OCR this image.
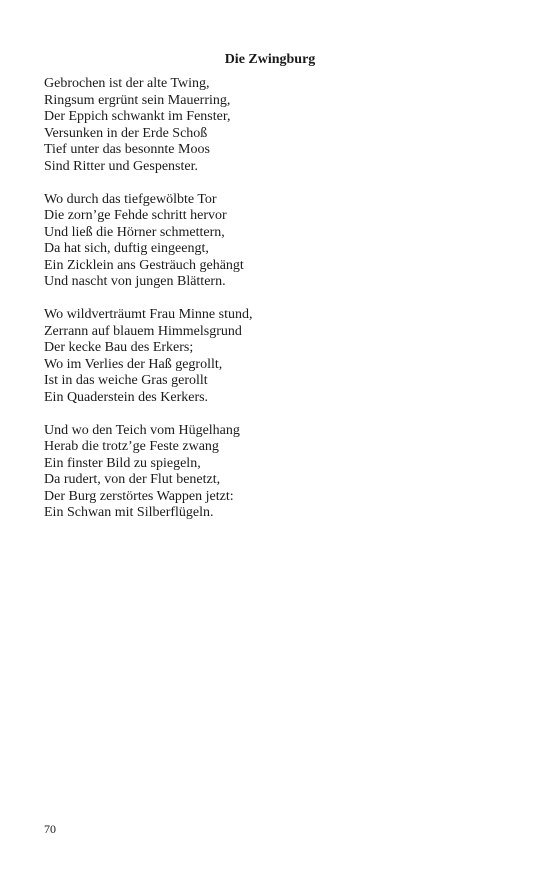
Die Zwingburg
Gebrochen ist der alte Twing,
Ringsum ergrünt sein Mauerring,
Der Eppich schwankt im Fenster,
Versunken in der Erde Schoß
Tief unter das besonnte Moos
Sind Ritter und Gespenster.
Wo durch das tiefgewölbte Tor
Die zorn’ge Fehde schritt hervor
Und ließ die Hörner schmettern,
Da hat sich, duftig eingeengt,
Ein Zicklein ans Gesträuch gehängt
Und nascht von jungen Blättern.
Wo wildverträumt Frau Minne stund,
Zerrann auf blauem Himmelsgrund
Der kecke Bau des Erkers;
Wo im Verlies der Haß gegrollt,
Ist in das weiche Gras gerollt
Ein Quaderstein des Kerkers.
Und wo den Teich vom Hügelhang
Herab die trotz’ge Feste zwang
Ein finster Bild zu spiegeln,
Da rudert, von der Flut benetzt,
Der Burg zerstörtes Wappen jetzt:
Ein Schwan mit Silberflügeln.
70
